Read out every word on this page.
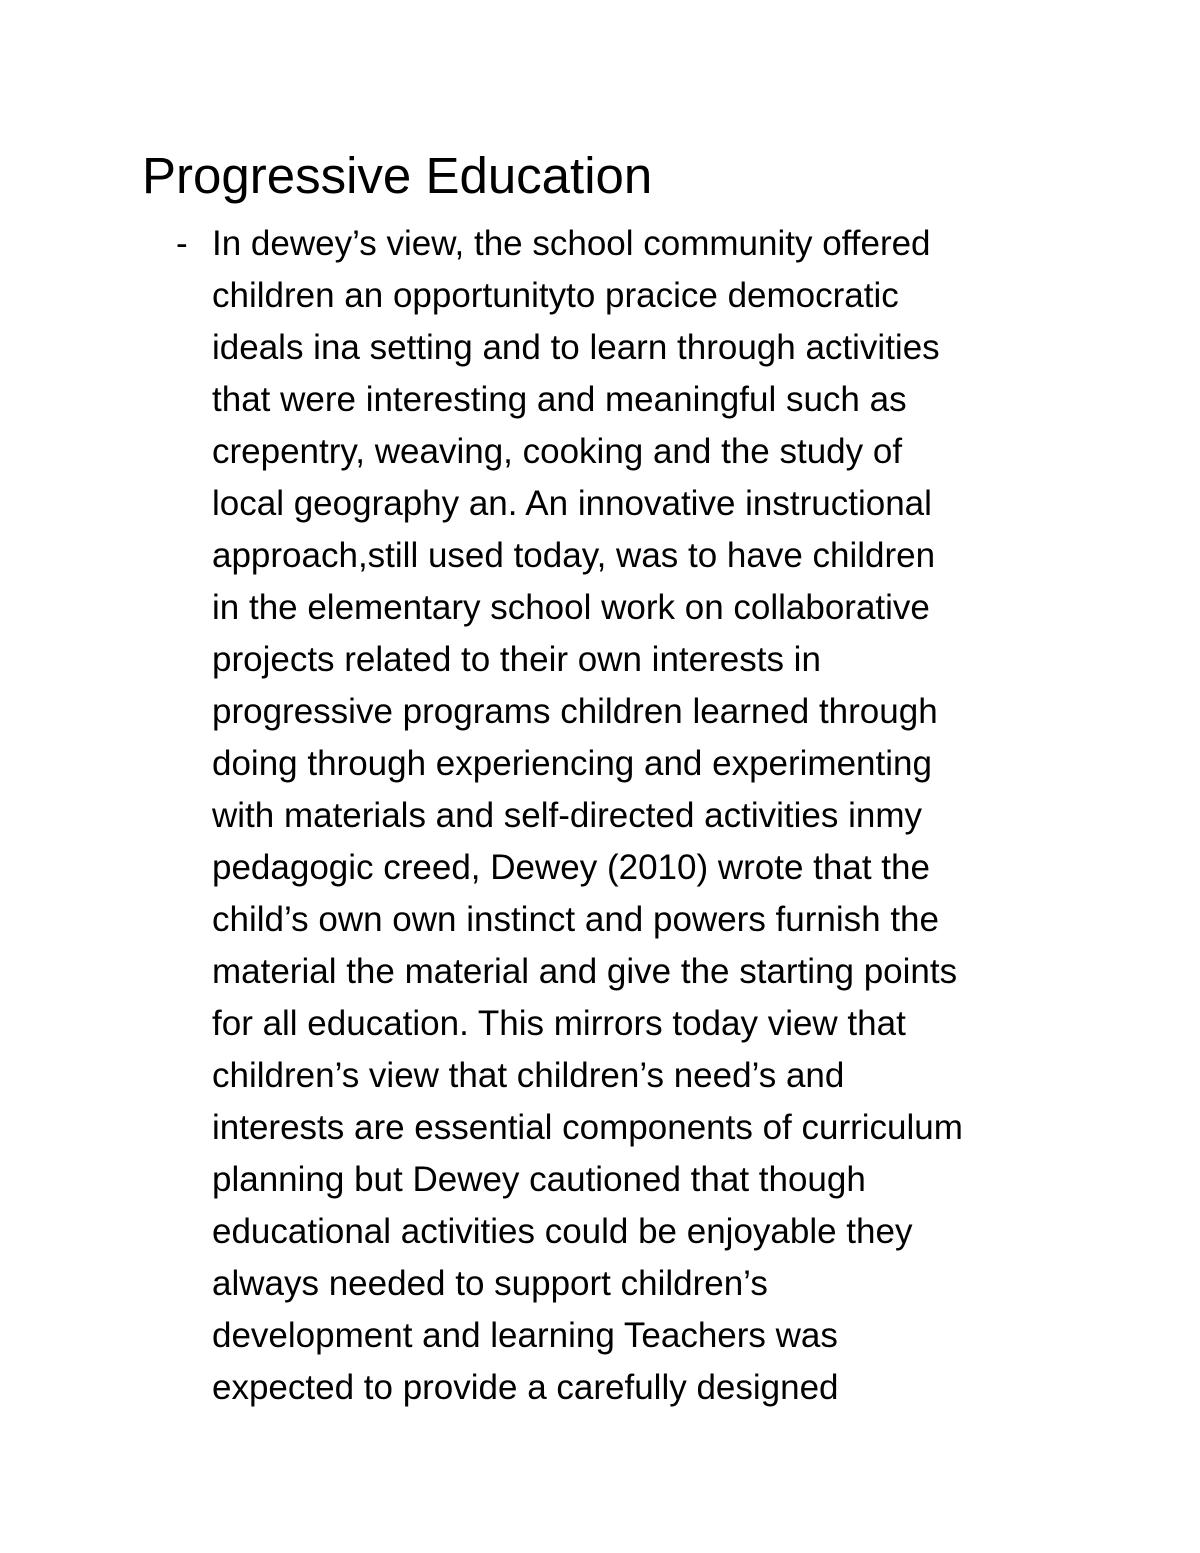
Progressive Education
- In dewey’s view, the school community offered
children an opportunityto pracice democratic
ideals ina setting and to learn through activities
that were interesting and meaningful such as
crepentry, weaving, cooking and the study of
local geography an. An innovative instructional
approach,still used today, was to have children
in the elementary school work on collaborative
projects related to their own interests in
progressive programs children learned through
doing through experiencing and experimenting
with materials and self-directed activities inmy
pedagogic creed, Dewey (2010) wrote that the
child’s own own instinct and powers furnish the
material the material and give the starting points
for all education. This mirrors today view that
children’s view that children’s need’s and
interests are essential components of curriculum
planning but Dewey cautioned that though
educational activities could be enjoyable they
always needed to support children’s
development and learning Teachers was
expected to provide a carefully designed
